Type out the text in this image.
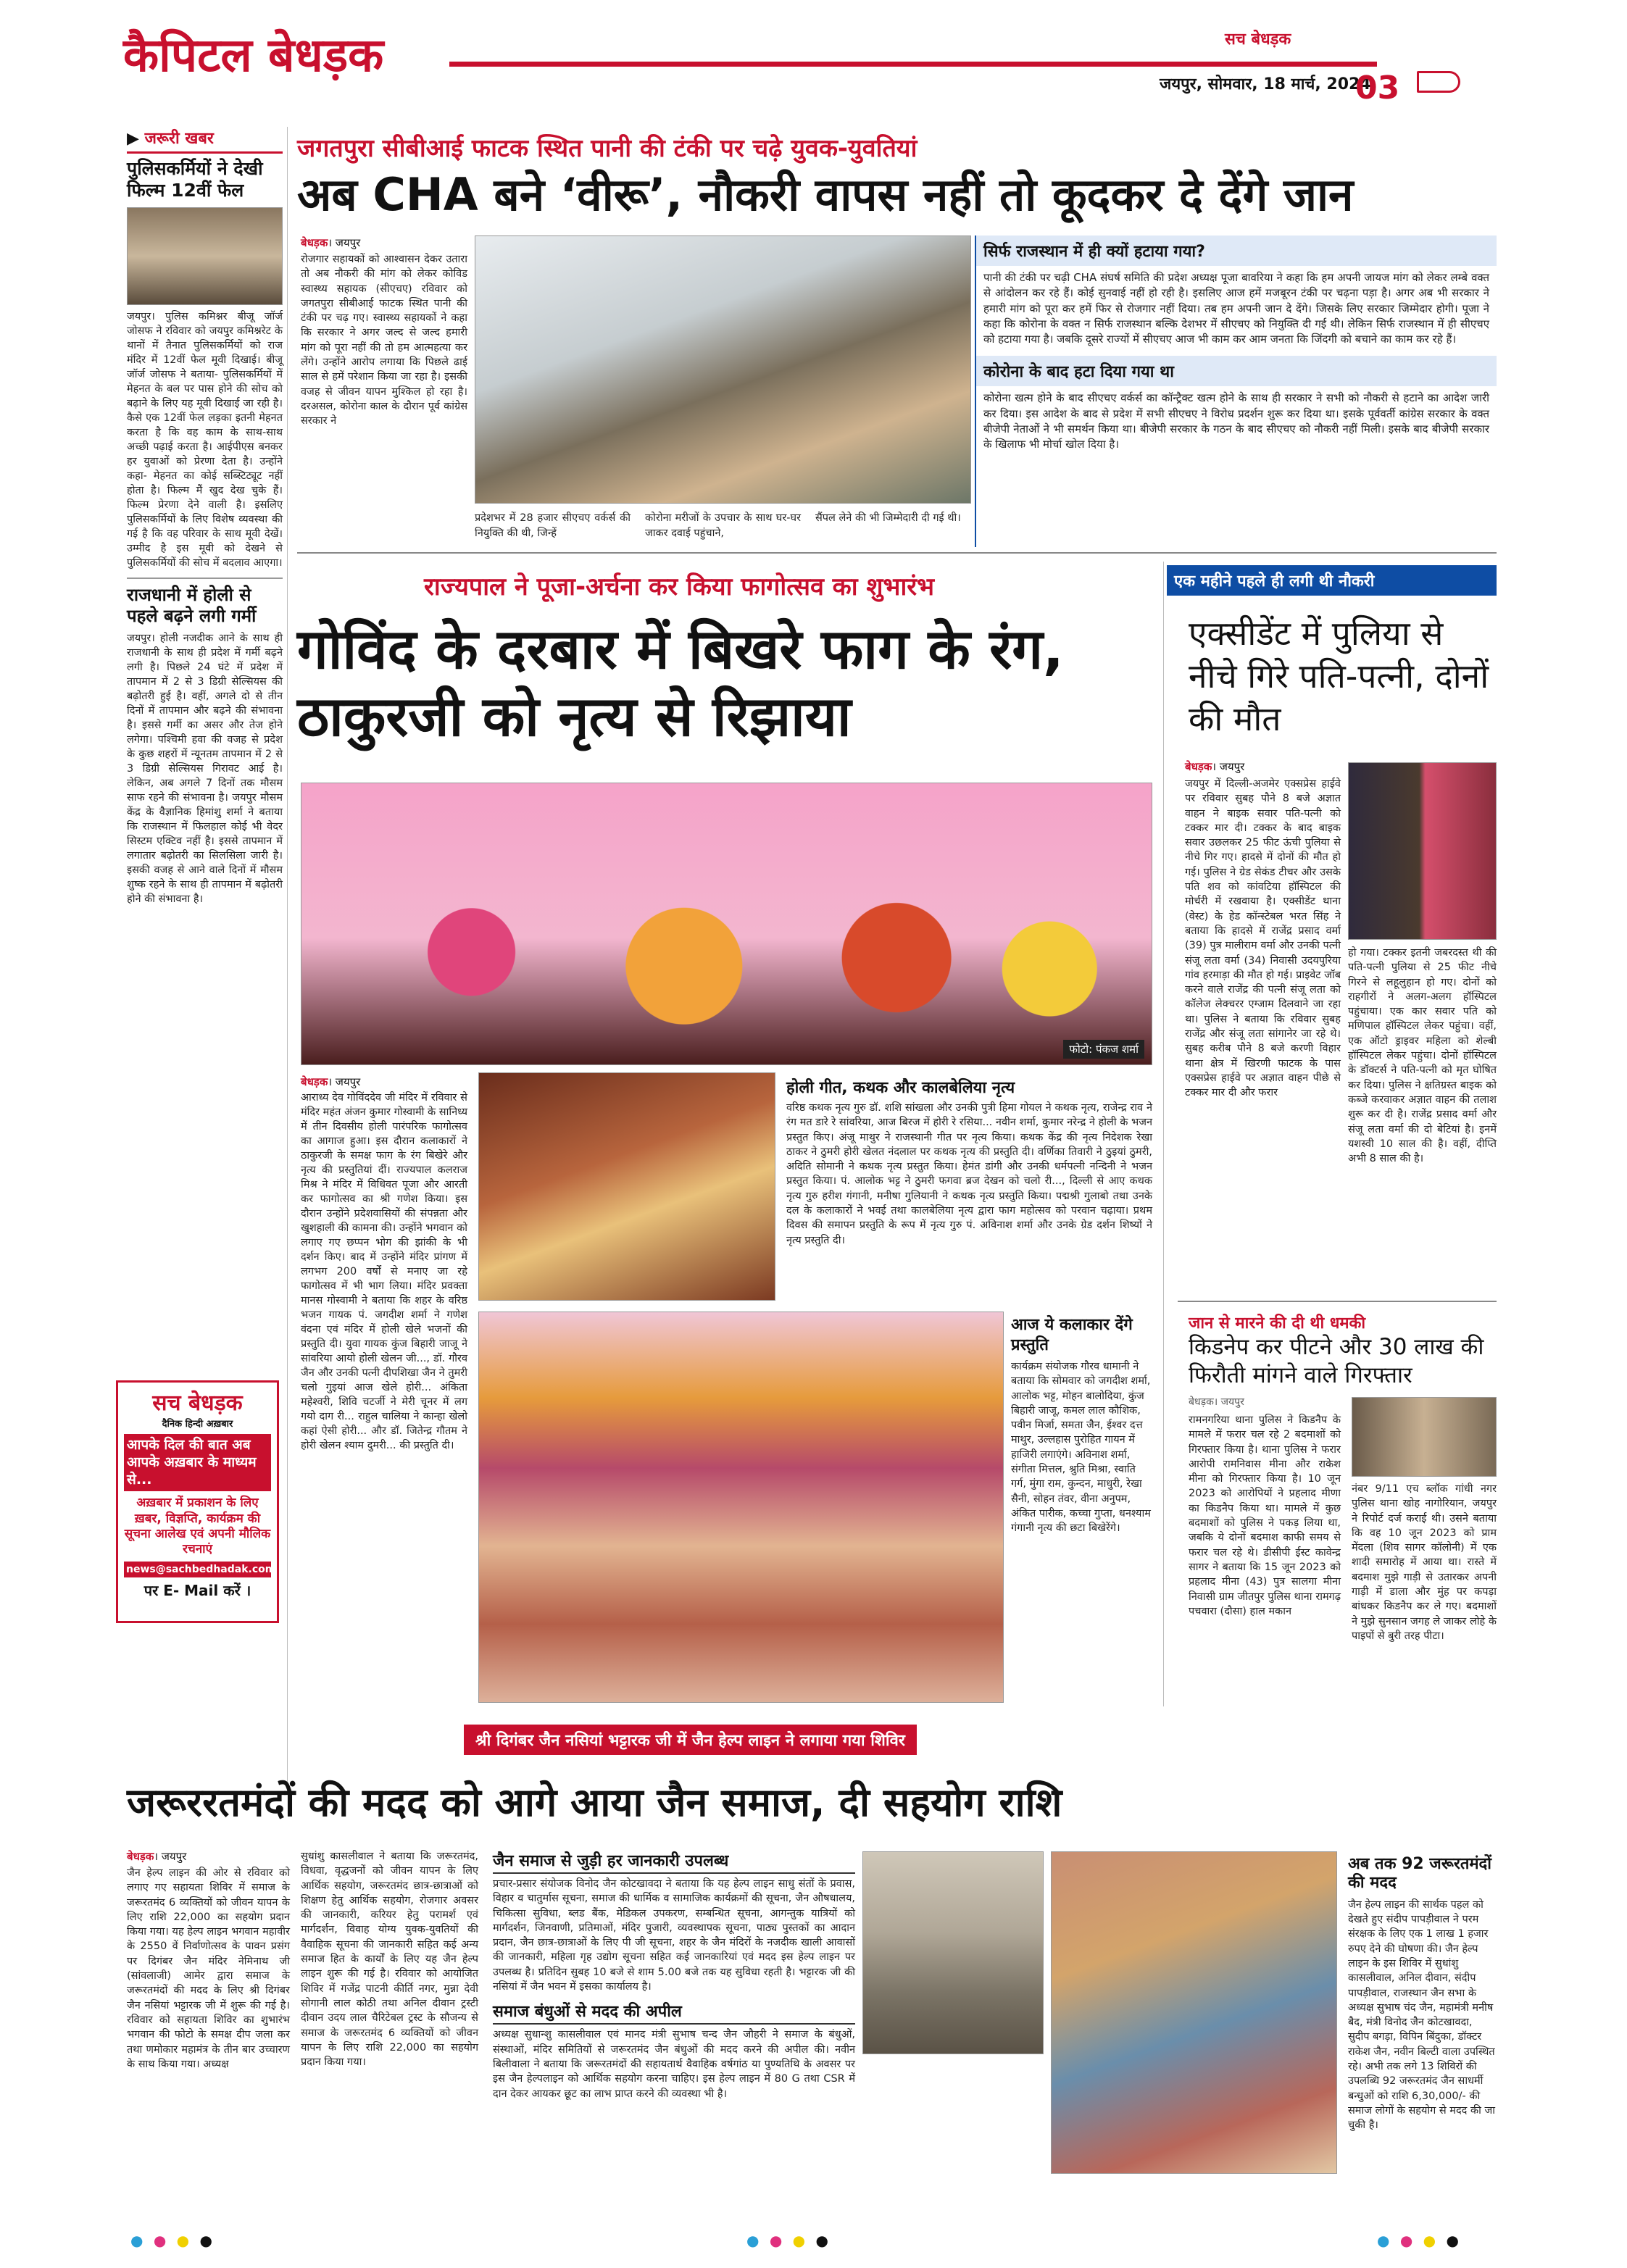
कैपिटल बेधड़क	सच बेधड़क
जयपुर, सोमवार, 18 मार्च, 2024
03
▶ जरूरी खबर
पुलिसकर्मियों ने देखी फिल्म 12वीं फेल
जयपुर। पुलिस कमिश्नर बीजू जॉर्ज जोसफ ने रविवार को जयपुर कमिश्नरेट के थानों में तैनात पुलिसकर्मियों को राज मंदिर में 12वीं फेल मूवी दिखाई। बीजू जॉर्ज जोसफ ने बताया- पुलिसकर्मियों में मेहनत के बल पर पास होने की सोच को बढ़ाने के लिए यह मूवी दिखाई जा रही है। कैसे एक 12वीं फेल लड़का इतनी मेहनत करता है कि वह काम के साथ-साथ अच्छी पढ़ाई करता है। आईपीएस बनकर हर युवाओं को प्रेरणा देता है। उन्होंने कहा- मेहनत का कोई सब्स्टिट्यूट नहीं होता है। फिल्म मैं खुद देख चुके हैं। फिल्म प्रेरणा देने वाली है। इसलिए पुलिसकर्मियों के लिए विशेष व्यवस्था की गई है कि वह परिवार के साथ मूवी देखें। उम्मीद है इस मूवी को देखने से पुलिसकर्मियों की सोच में बदलाव आएगा।
राजधानी में होली से पहले बढ़ने लगी गर्मी
जयपुर। होली नजदीक आने के साथ ही राजधानी के साथ ही प्रदेश में गर्मी बढ़ने लगी है। पिछले 24 घंटे में प्रदेश में तापमान में 2 से 3 डिग्री सेल्सियस की बढ़ोतरी हुई है। वहीं, अगले दो से तीन दिनों में तापमान और बढ़ने की संभावना है। इससे गर्मी का असर और तेज होने लगेगा। पश्चिमी हवा की वजह से प्रदेश के कुछ शहरों में न्यूनतम तापमान में 2 से 3 डिग्री सेल्सियस गिरावट आई है। लेकिन, अब अगले 7 दिनों तक मौसम साफ रहने की संभावना है। जयपुर मौसम केंद्र के वैज्ञानिक हिमांशु शर्मा ने बताया कि राजस्थान में फिलहाल कोई भी वेदर सिस्टम एक्टिव नहीं है। इससे तापमान में लगातार बढ़ोतरी का सिलसिला जारी है। इसकी वजह से आने वाले दिनों में मौसम शुष्क रहने के साथ ही तापमान में बढ़ोतरी होने की संभावना है।
सच बेधड़क
दैनिक हिन्दी अख़बार
आपके दिल की बात अब आपके अख़बार के माध्यम से...
अख़बार में प्रकाशन के लिए ख़बर, विज्ञप्ति, कार्यक्रम की सूचना आलेख एवं अपनी मौलिक रचनाएं
news@sachbedhadak.com
पर E- Mail करें ।
जगतपुरा सीबीआई फाटक स्थित पानी की टंकी पर चढ़े युवक-युवतियां
अब CHA बने ‘वीरू’, नौकरी वापस नहीं तो कूदकर दे देंगे जान
बेधड़क। जयपुर
रोजगार सहायकों को आश्वासन देकर उतारा तो अब नौकरी की मांग को लेकर कोविड स्वास्थ्य सहायक (सीएचए) रविवार को जगतपुरा सीबीआई फाटक स्थित पानी की टंकी पर चढ़ गए। स्वास्थ्य सहायकों ने कहा कि सरकार ने अगर जल्द से जल्द हमारी मांग को पूरा नहीं की तो हम आत्महत्या कर लेंगे। उन्होंने आरोप लगाया कि पिछले ढाई साल से हमें परेशान किया जा रहा है। इसकी वजह से जीवन यापन मुश्किल हो रहा है। दरअसल, कोरोना काल के दौरान पूर्व कांग्रेस सरकार ने
प्रदेशभर में 28 हजार सीएचए वर्कर्स की नियुक्ति की थी, जिन्हें
कोरोना मरीजों के उपचार के साथ घर-घर जाकर दवाई पहुंचाने,
सैंपल लेने की भी जिम्मेदारी दी गई थी।
सिर्फ राजस्थान में ही क्यों हटाया गया?
पानी की टंकी पर चढ़ी CHA संघर्ष समिति की प्रदेश अध्यक्ष पूजा बावरिया ने कहा कि हम अपनी जायज मांग को लेकर लम्बे वक्त से आंदोलन कर रहे हैं। कोई सुनवाई नहीं हो रही है। इसलिए आज हमें मजबूरन टंकी पर चढ़ना पड़ा है। अगर अब भी सरकार ने हमारी मांग को पूरा कर हमें फिर से रोजगार नहीं दिया। तब हम अपनी जान दे देंगे। जिसके लिए सरकार जिम्मेदार होगी। पूजा ने कहा कि कोरोना के वक्त न सिर्फ राजस्थान बल्कि देशभर में सीएचए को नियुक्ति दी गई थी। लेकिन सिर्फ राजस्थान में ही सीएचए को हटाया गया है। जबकि दूसरे राज्यों में सीएचए आज भी काम कर आम जनता कि जिंदगी को बचाने का काम कर रहे हैं।
कोरोना के बाद हटा दिया गया था
कोरोना खत्म होने के बाद सीएचए वर्कर्स का कॉन्ट्रैक्ट खत्म होने के साथ ही सरकार ने सभी को नौकरी से हटाने का आदेश जारी कर दिया। इस आदेश के बाद से प्रदेश में सभी सीएचए ने विरोध प्रदर्शन शुरू कर दिया था। इसके पूर्ववर्ती कांग्रेस सरकार के वक्त बीजेपी नेताओं ने भी समर्थन किया था। बीजेपी सरकार के गठन के बाद सीएचए को नौकरी नहीं मिली। इसके बाद बीजेपी सरकार के खिलाफ भी मोर्चा खोल दिया है।
राज्यपाल ने पूजा-अर्चना कर किया फागोत्सव का शुभारंभ
गोविंद के दरबार में बिखरे फाग के रंग, ठाकुरजी को नृत्य से रिझाया
फोटो: पंकज शर्मा
बेधड़क। जयपुर
आराध्य देव गोविंददेव जी मंदिर में रविवार से मंदिर महंत अंजन कुमार गोस्वामी के सानिध्य में तीन दिवसीय होली पारंपरिक फागोत्सव का आगाज हुआ। इस दौरान कलाकारों ने ठाकुरजी के समक्ष फाग के रंग बिखेरे और नृत्य की प्रस्तुतियां दीं। राज्यपाल कलराज मिश्र ने मंदिर में विधिवत पूजा और आरती कर फागोत्सव का श्री गणेश किया। इस दौरान उन्होंने प्रदेशवासियों की संपन्नता और खुशहाली की कामना की। उन्होंने भगवान को लगाए गए छप्पन भोग की झांकी के भी दर्शन किए। बाद में उन्होंने मंदिर प्रांगण में लगभग 200 वर्षों से मनाए जा रहे फागोत्सव में भी भाग लिया। मंदिर प्रवक्ता मानस गोस्वामी ने बताया कि शहर के वरिष्ठ भजन गायक पं. जगदीश शर्मा ने गणेश वंदना एवं मंदिर में होली खेले भजनों की प्रस्तुति दी। युवा गायक कुंज बिहारी जाजू ने सांवरिया आयो होली खेलन जी..., डॉ. गौरव जैन और उनकी पत्नी दीपशिखा जैन ने तुमरी चलो गुइयां आज खेले होरी... अंकिता महेश्वरी, शिवि चटर्जी ने मेरी चूनर में लग गयो दाग री... राहुल चालिया ने कान्हा खेलो कहां ऐसी होरी... और डॉ. जितेन्द्र गौतम ने होरी खेलन श्याम दुमरी... की प्रस्तुति दी।
होली गीत, कथक और कालबेलिया नृत्य
वरिष्ठ कथक नृत्य गुरु डॉ. शशि सांखला और उनकी पुत्री हिमा गोयल ने कथक नृत्य, राजेन्द्र राव ने रंग मत डारे रे सांवरिया, आज बिरज में होरी रे रसिया... नवीन शर्मा, कुमार नरेन्द्र ने होली के भजन प्रस्तुत किए। अंजू माथुर ने राजस्थानी गीत पर नृत्य किया। कथक केंद्र की नृत्य निदेशक रेखा ठाकर ने ठुमरी होरी खेलत नंदलाल पर कथक नृत्य की प्रस्तुति दी। वर्णिका तिवारी ने ठुइयां ठुमरी, अदिति सोमानी ने कथक नृत्य प्रस्तुत किया। हेमंत डांगी और उनकी धर्मपत्नी नन्दिनी ने भजन प्रस्तुत किया। पं. आलोक भट्ट ने ठुमरी फगवा ब्रज देखन को चलो री..., दिल्ली से आए कथक नृत्य गुरु हरीश गंगानी, मनीषा गुलियानी ने कथक नृत्य प्रस्तुति किया। पद्मश्री गुलाबो तथा उनके दल के कलाकारों ने भवई तथा कालबेलिया नृत्य द्वारा फाग महोत्सव को परवान चढ़ाया। प्रथम दिवस की समापन प्रस्तुति के रूप में नृत्य गुरु पं. अविनाश शर्मा और उनके ग्रेड दर्शन शिष्यों ने नृत्य प्रस्तुति दी।
आज ये कलाकार देंगे प्रस्तुति
कार्यक्रम संयोजक गौरव धामानी ने बताया कि सोमवार को जगदीश शर्मा, आलोक भट्ट, मोहन बालोदिया, कुंज बिहारी जाजू, कमल लाल कौशिक, पवीन मिर्जा, समता जैन, ईश्वर दत्त माथुर, उल्लहास पुरोहित गायन में हाजिरी लगाएंगे। अविनाश शर्मा, संगीता मित्तल, श्रुति मिश्रा, स्वाति गर्ग, मुंगा राम, कुन्दन, माधुरी, रेखा सैनी, सोहन तंवर, वीना अनुपम, अंकित पारीक, कच्चा गुप्ता, धनश्याम गंगानी नृत्य की छटा बिखेरेंगे।
एक महीने पहले ही लगी थी नौकरी
एक्सीडेंट में पुलिया से नीचे गिरे पति-पत्नी, दोनों की मौत
बेधड़क। जयपुर
जयपुर में दिल्ली-अजमेर एक्सप्रेस हाईवे पर रविवार सुबह पौने 8 बजे अज्ञात वाहन ने बाइक सवार पति-पत्नी को टक्कर मार दी। टक्कर के बाद बाइक सवार उछलकर 25 फीट ऊंची पुलिया से नीचे गिर गए। हादसे में दोनों की मौत हो गई। पुलिस ने ग्रेड सेकंड टीचर और उसके पति शव को कांवटिया हॉस्पिटल की मोर्चरी में रखवाया है। एक्सीडेंट थाना (वेस्ट) के हेड कॉन्स्टेबल भरत सिंह ने बताया कि हादसे में राजेंद्र प्रसाद वर्मा (39) पुत्र मालीराम वर्मा और उनकी पत्नी संजू लता वर्मा (34) निवासी उदयपुरिया गांव हरमाड़ा की मौत हो गई। प्राइवेट जॉब करने वाले राजेंद्र की पत्नी संजू लता को कॉलेज लेक्चरर एग्जाम दिलवाने जा रहा था। पुलिस ने बताया कि रविवार सुबह राजेंद्र और संजू लता सांगानेर जा रहे थे। सुबह करीब पौने 8 बजे करणी विहार थाना क्षेत्र में खिरणी फाटक के पास एक्सप्रेस हाईवे पर अज्ञात वाहन पीछे से टक्कर मार दी और फरार
हो गया। टक्कर इतनी जबरदस्त थी की पति-पत्नी पुलिया से 25 फीट नीचे गिरने से लहूलुहान हो गए। दोनों को राहगीरों ने अलग-अलग हॉस्पिटल पहुंचाया। एक कार सवार पति को मणिपाल हॉस्पिटल लेकर पहुंचा। वहीं, एक ऑटो ड्राइवर महिला को शेल्बी हॉस्पिटल लेकर पहुंचा। दोनों हॉस्पिटल के डॉक्टर्स ने पति-पत्नी को मृत घोषित कर दिया। पुलिस ने क्षतिग्रस्त बाइक को कब्जे करवाकर अज्ञात वाहन की तलाश शुरू कर दी है। राजेंद्र प्रसाद वर्मा और संजू लता वर्मा की दो बेटियां है। इनमें यशस्वी 10 साल की है। वहीं, दीप्ति अभी 8 साल की है।
जान से मारने की दी थी धमकी
किडनेप कर पीटने और 30 लाख की फिरौती मांगने वाले गिरफ्तार
बेधड़क। जयपुर
रामनगरिया थाना पुलिस ने किडनैप के मामले में फरार चल रहे 2 बदमाशों को गिरफ्तार किया है। थाना पुलिस ने फरार आरोपी रामनिवास मीना और राकेश मीना को गिरफ्तार किया है। 10 जून 2023 को आरोपियों ने प्रहलाद मीणा का किडनैप किया था। मामले में कुछ बदमाशों को पुलिस ने पकड़ लिया था, जबकि ये दोनों बदमाश काफी समय से फरार चल रहे थे। डीसीपी ईस्ट कावेन्द्र सागर ने बताया कि 15 जून 2023 को प्रहलाद मीना (43) पुत्र सालगा मीना निवासी ग्राम जीतपुर पुलिस थाना रामगढ़ पचवारा (दौसा) हाल मकान
नंबर 9/11 एच ब्लॉक गांधी नगर पुलिस थाना खोह नागोरियान, जयपुर ने रिपोर्ट दर्ज कराई थी। उसने बताया कि वह 10 जून 2023 को प्राम मेंदला (शिव सागर कॉलोनी) में एक शादी समारोह में आया था। रास्ते में बदमाश मुझे गाड़ी से उतारकर अपनी गाड़ी में डाला और मुंह पर कपड़ा बांधकर किडनैप कर ले गए। बदमाशों ने मुझे सुनसान जगह ले जाकर लोहे के पाइपों से बुरी तरह पीटा।
श्री दिगंबर जैन नसियां भट्टारक जी में जैन हेल्प लाइन ने लगाया गया शिविर
जरूररतमंदों की मदद को आगे आया जैन समाज, दी सहयोग राशि
बेधड़क। जयपुर
जैन हेल्प लाइन की ओर से रविवार को लगाए गए सहायता शिविर में समाज के जरूरतमंद 6 व्यक्तियों को जीवन यापन के लिए राशि 22,000 का सहयोग प्रदान किया गया। यह हेल्प लाइन भगवान महावीर के 2550 वें निर्वाणोत्सव के पावन प्रसंग पर दिगंबर जैन मंदिर नेमिनाथ जी (सांवलाजी) आमेर द्वारा समाज के जरूरतमंदों की मदद के लिए श्री दिगंबर जैन नसियां भट्टारक जी में शुरू की गई है। रविवार को सहायता शिविर का शुभारंभ भगवान की फोटो के समक्ष दीप जला कर तथा णमोकार महामंत्र के तीन बार उच्चारण के साथ किया गया। अध्यक्ष
सुधांशु कासलीवाल ने बताया कि जरूरतमंद, विधवा, वृद्धजनों को जीवन यापन के लिए आर्थिक सहयोग, जरूरतमंद छात्र-छात्राओं को शिक्षण हेतु आर्थिक सहयोग, रोजगार अवसर की जानकारी, करियर हेतु परामर्श एवं मार्गदर्शन, विवाह योग्य युवक-युवतियों की वैवाहिक सूचना की जानकारी सहित कई अन्य समाज हित के कार्यों के लिए यह जैन हेल्प लाइन शुरू की गई है। रविवार को आयोजित शिविर में गजेंद्र पाटनी कीर्ति नगर, मुन्ना देवी सोगानी लाल कोठी तथा अनिल दीवान ट्रस्टी दीवान उदय लाल चैरिटेबल ट्रस्ट के सौजन्य से समाज के जरूरतमंद 6 व्यक्तियों को जीवन यापन के लिए राशि 22,000 का सहयोग प्रदान किया गया।
जैन समाज से जुड़ी हर जानकारी उपलब्ध
प्रचार-प्रसार संयोजक विनोद जैन कोटखावदा ने बताया कि यह हेल्प लाइन साधु संतों के प्रवास, विहार व चातुर्मास सूचना, समाज की धार्मिक व सामाजिक कार्यक्रमों की सूचना, जैन औषधालय, चिकित्सा सुविधा, ब्लड बैंक, मेडिकल उपकरण, सम्बन्धित सूचना, आगन्तुक यात्रियों को मार्गदर्शन, जिनवाणी, प्रतिमाओं, मंदिर पुजारी, व्यवस्थापक सूचना, पाठ्य पुस्तकों का आदान प्रदान, जैन छात्र-छात्राओं के लिए पी जी सूचना, शहर के जैन मंदिरों के नजदीक खाली आवासों की जानकारी, महिला गृह उद्योग सूचना सहित कई जानकारियां एवं मदद इस हेल्प लाइन पर उपलब्ध है। प्रतिदिन सुबह 10 बजे से शाम 5.00 बजे तक यह सुविधा रहती है। भट्टारक जी की नसियां में जैन भवन में इसका कार्यालय है।
समाज बंधुओं से मदद की अपील
अध्यक्ष सुधान्शु कासलीवाल एवं मानद मंत्री सुभाष चन्द जैन जौहरी ने समाज के बंधुओं, संस्थाओं, मंदिर समितियों से जरूरतमंद जैन बंधुओं की मदद करने की अपील की। नवीन बिलीवाला ने बताया कि जरूरतमंदों की सहायतार्थ वैवाहिक वर्षगांठ या पुण्यतिथि के अवसर पर इस जैन हेल्पलाइन को आर्थिक सहयोग करना चाहिए। इस हेल्प लाइन में 80 G तथा CSR में दान देकर आयकर छूट का लाभ प्राप्त करने की व्यवस्था भी है।
अब तक 92 जरूरतमंदों की मदद
जैन हेल्प लाइन की सार्थक पहल को देखते हुए संदीप पापड़ीवाल ने परम संरक्षक के लिए एक 1 लाख 1 हजार रुपए देने की घोषणा की। जैन हेल्प लाइन के इस शिविर में सुधांशु कासलीवाल, अनिल दीवान, संदीप पापड़ीवाल, राजस्थान जैन सभा के अध्यक्ष सुभाष चंद जैन, महामंत्री मनीष बैद, मंत्री विनोद जैन कोटखावदा, सुदीप बगड़ा, विपिन बिंदुका, डॉक्टर राकेश जैन, नवीन बिल्टी वाला उपस्थित रहे। अभी तक लगे 13 शिविरों की उपलब्धि 92 जरूरतमंद जैन साधर्मी बन्धुओं को राशि 6,30,000/- की समाज लोगों के सहयोग से मदद की जा चुकी है।
● ● ● ●	● ● ● ●	● ● ● ●
